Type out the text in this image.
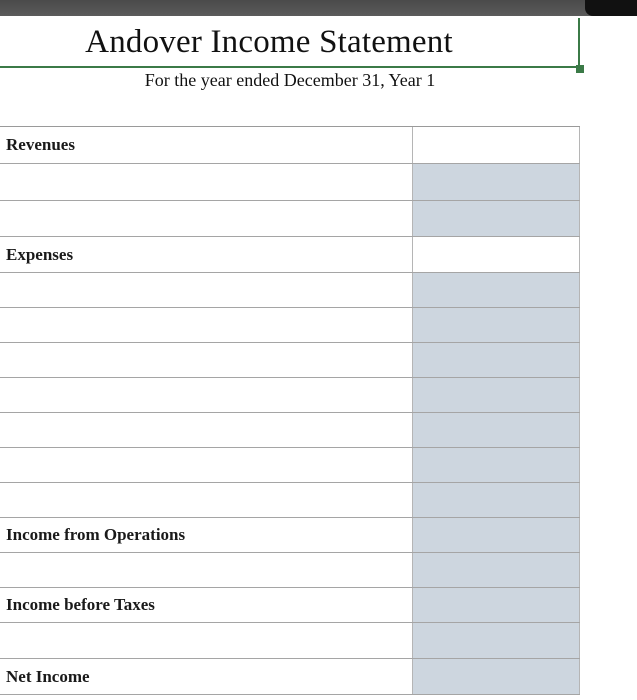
Andover Income Statement
For the year ended December 31, Year 1
Revenues
Expenses
Income from Operations
Income before Taxes
Net Income
